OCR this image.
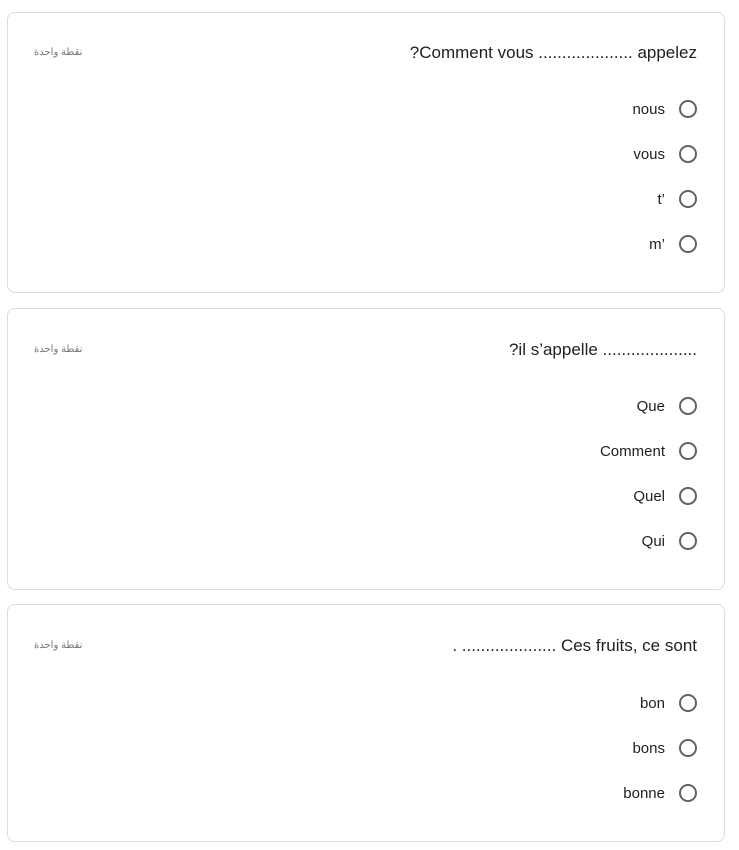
?Comment vous .................... appelez
نقطة واحدة
nous
vous
t’
m’
?il s’appelle ....................
نقطة واحدة
Que
Comment
Quel
Qui
. .................... Ces fruits, ce sont
نقطة واحدة
bon
bons
bonne
